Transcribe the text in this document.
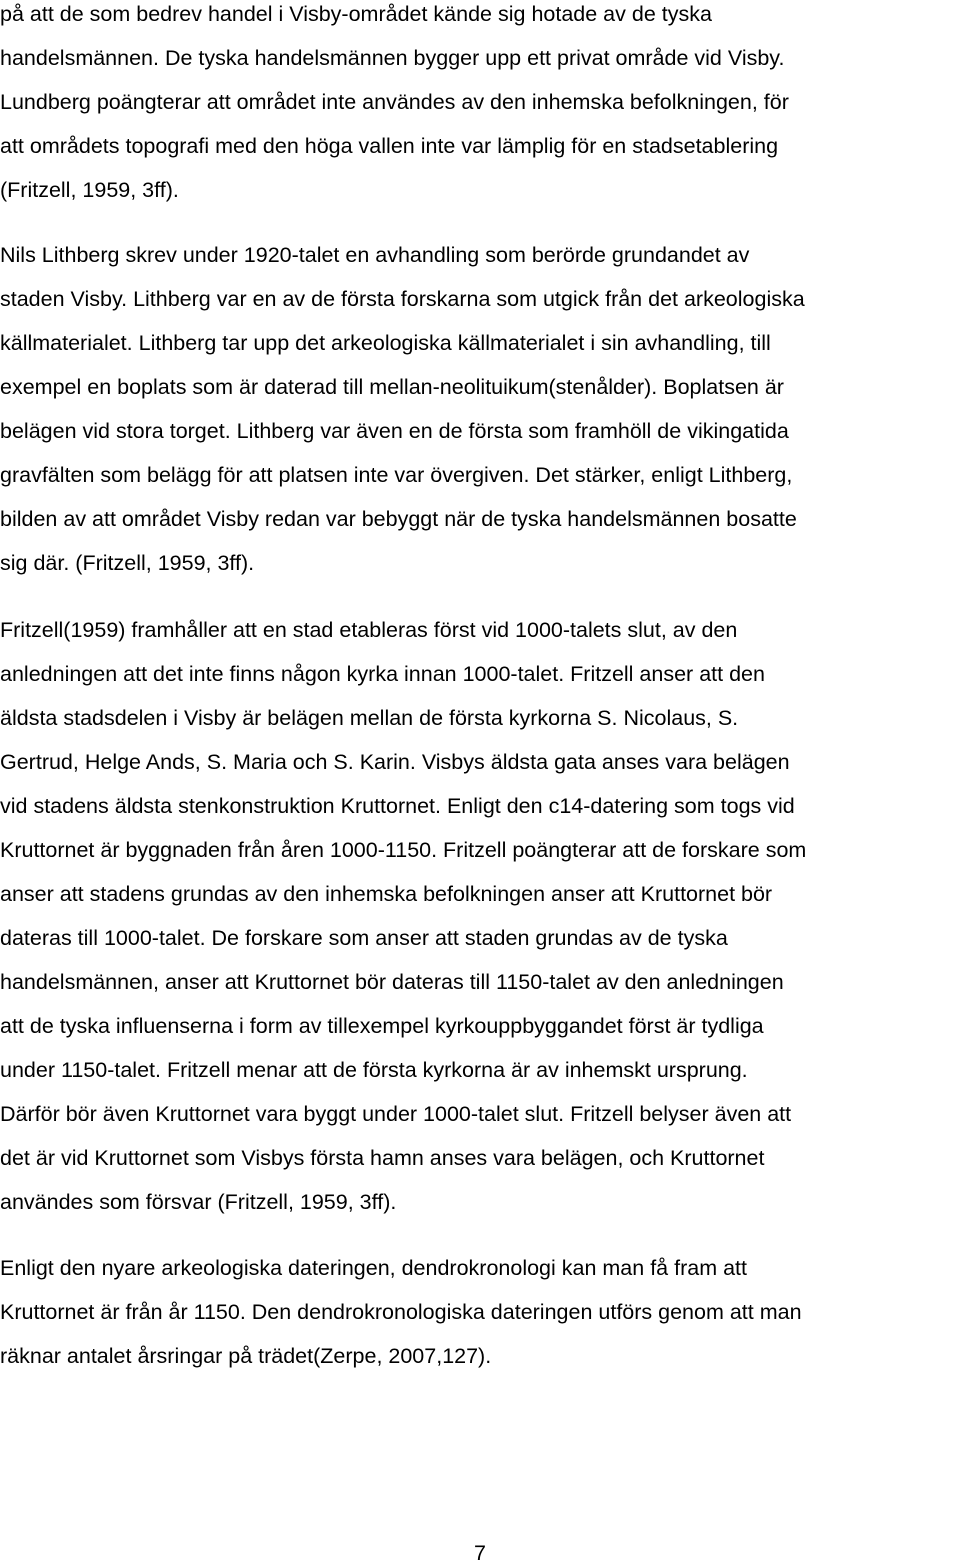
på att de som bedrev handel i Visby-området kände sig hotade av de tyska
handelsmännen. De tyska handelsmännen bygger upp ett privat område vid Visby.
Lundberg poängterar att området inte användes av den inhemska befolkningen, för
att områdets topografi med den höga vallen inte var lämplig för en stadsetablering
(Fritzell, 1959, 3ff).

Nils Lithberg skrev under 1920-talet en avhandling som berörde grundandet av
staden Visby. Lithberg var en av de första forskarna som utgick från det arkeologiska
källmaterialet. Lithberg tar upp det arkeologiska källmaterialet i sin avhandling, till
exempel en boplats som är daterad till mellan-neolituikum(stenålder). Boplatsen är
belägen vid stora torget. Lithberg var även en de första som framhöll de vikingatida
gravfälten som belägg för att platsen inte var övergiven. Det stärker, enligt Lithberg,
bilden av att området Visby redan var bebyggt när de tyska handelsmännen bosatte
sig där. (Fritzell, 1959, 3ff).

Fritzell(1959) framhåller att en stad etableras först vid 1000-talets slut, av den
anledningen att det inte finns någon kyrka innan 1000-talet. Fritzell anser att den
äldsta stadsdelen i Visby är belägen mellan de första kyrkorna S. Nicolaus, S.
Gertrud, Helge Ands, S. Maria och S. Karin. Visbys äldsta gata anses vara belägen
vid stadens äldsta stenkonstruktion Kruttornet. Enligt den c14-datering som togs vid
Kruttornet är byggnaden från åren 1000-1150. Fritzell poängterar att de forskare som
anser att stadens grundas av den inhemska befolkningen anser att Kruttornet bör
dateras till 1000-talet. De forskare som anser att staden grundas av de tyska
handelsmännen, anser att Kruttornet bör dateras till 1150-talet av den anledningen
att de tyska influenserna i form av tillexempel kyrkouppbyggandet först är tydliga
under 1150-talet. Fritzell menar att de första kyrkorna är av inhemskt ursprung.
Därför bör även Kruttornet vara byggt under 1000-talet slut. Fritzell belyser även att
det är vid Kruttornet som Visbys första hamn anses vara belägen, och Kruttornet
användes som försvar (Fritzell, 1959, 3ff).

Enligt den nyare arkeologiska dateringen, dendrokronologi kan man få fram att
Kruttornet är från år 1150. Den dendrokronologiska dateringen utförs genom att man
räknar antalet årsringar på trädet(Zerpe, 2007,127).

7
